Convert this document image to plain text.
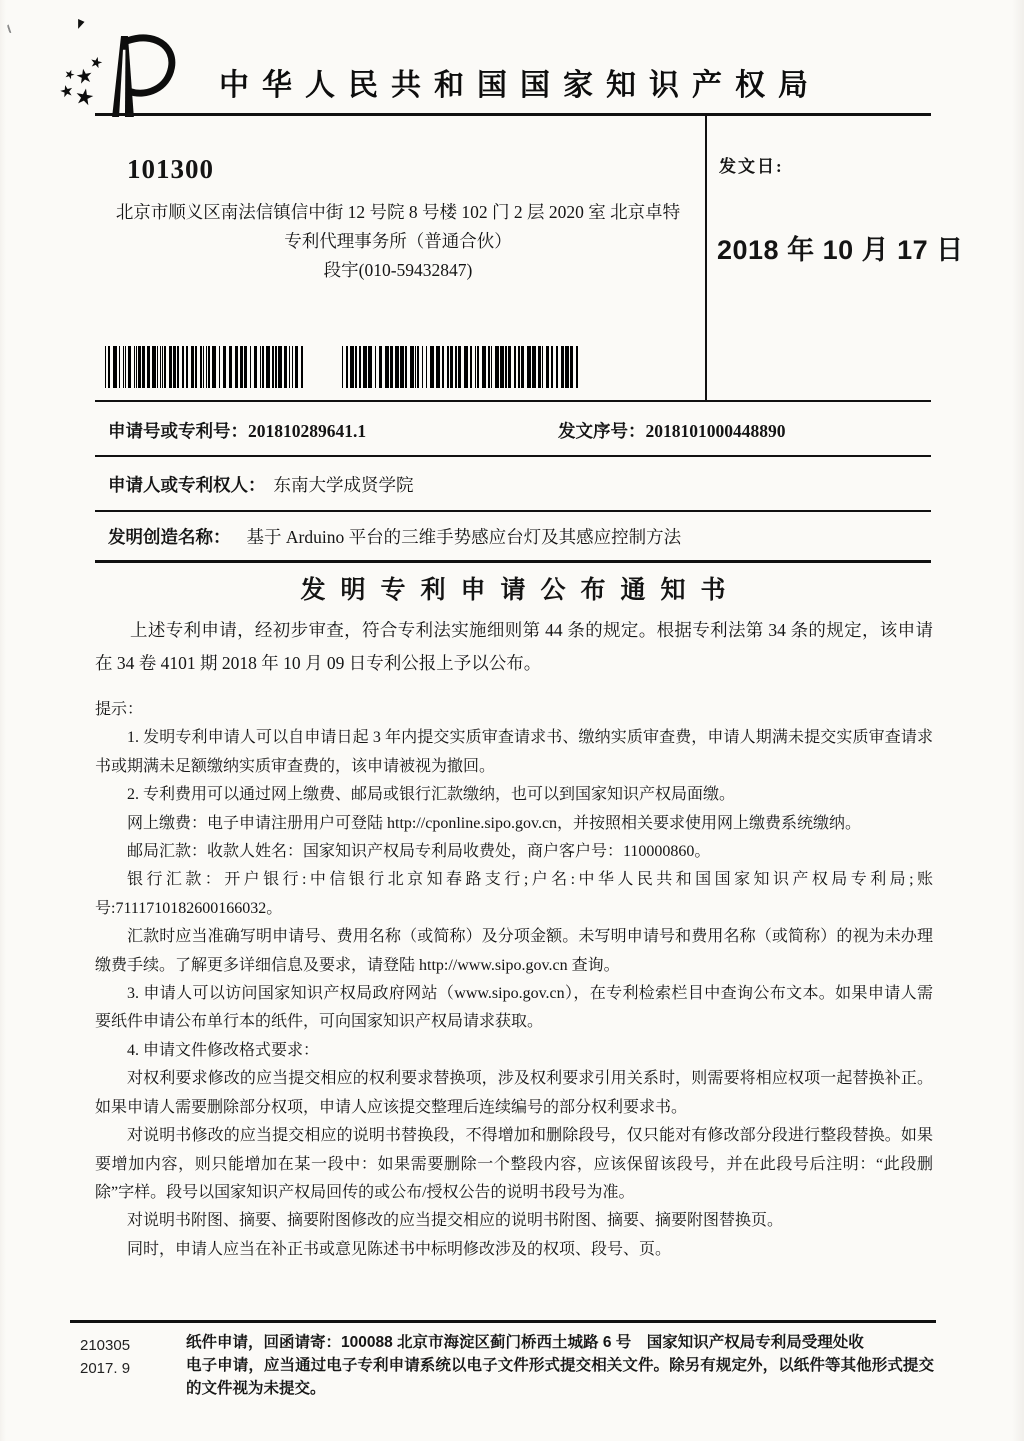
中华人民共和国国家知识产权局
101300
北京市顺义区南法信镇信中街 12 号院 8 号楼 102 门 2 层 2020 室 北京卓特专利代理事务所（普通合伙）
段宇(010-59432847)
发文日:
2018 年 10 月 17 日
申请号或专利号：201810289641.1	发文序号：2018101000448890
申请人或专利权人： 东南大学成贤学院
发明创造名称： 基于 Arduino 平台的三维手势感应台灯及其感应控制方法
发明专利申请公布通知书
上述专利申请，经初步审查，符合专利法实施细则第 44 条的规定。根据专利法第 34 条的规定，该申请在 34 卷 4101 期 2018 年 10 月 09 日专利公报上予以公布。
提示：

1. 发明专利申请人可以自申请日起 3 年内提交实质审查请求书、缴纳实质审查费，申请人期满未提交实质审查请求书或期满未足额缴纳实质审查费的，该申请被视为撤回。

2. 专利费用可以通过网上缴费、邮局或银行汇款缴纳，也可以到国家知识产权局面缴。

网上缴费：电子申请注册用户可登陆 http://cponline.sipo.gov.cn，并按照相关要求使用网上缴费系统缴纳。

邮局汇款：收款人姓名：国家知识产权局专利局收费处，商户客户号：110000860。

银行汇款：开户银行:中信银行北京知春路支行;户名:中华人民共和国国家知识产权局专利局;账号:7111710182600166032。

汇款时应当准确写明申请号、费用名称（或简称）及分项金额。未写明申请号和费用名称（或简称）的视为未办理缴费手续。了解更多详细信息及要求，请登陆 http://www.sipo.gov.cn 查询。

3. 申请人可以访问国家知识产权局政府网站（www.sipo.gov.cn），在专利检索栏目中查询公布文本。如果申请人需要纸件申请公布单行本的纸件，可向国家知识产权局请求获取。

4. 申请文件修改格式要求：

对权利要求修改的应当提交相应的权利要求替换项，涉及权利要求引用关系时，则需要将相应权项一起替换补正。如果申请人需要删除部分权项，申请人应该提交整理后连续编号的部分权利要求书。

对说明书修改的应当提交相应的说明书替换段，不得增加和删除段号，仅只能对有修改部分段进行整段替换。如果要增加内容，则只能增加在某一段中：如果需要删除一个整段内容，应该保留该段号，并在此段号后注明：“此段删除”字样。段号以国家知识产权局回传的或公布/授权公告的说明书段号为准。

对说明书附图、摘要、摘要附图修改的应当提交相应的说明书附图、摘要、摘要附图替换页。

同时，申请人应当在补正书或意见陈述书中标明修改涉及的权项、段号、页。

210305
2017. 9
纸件申请，回函请寄：100088 北京市海淀区蓟门桥西土城路 6 号　国家知识产权局专利局受理处收
电子申请，应当通过电子专利申请系统以电子文件形式提交相关文件。除另有规定外，以纸件等其他形式提交的文件视为未提交。
